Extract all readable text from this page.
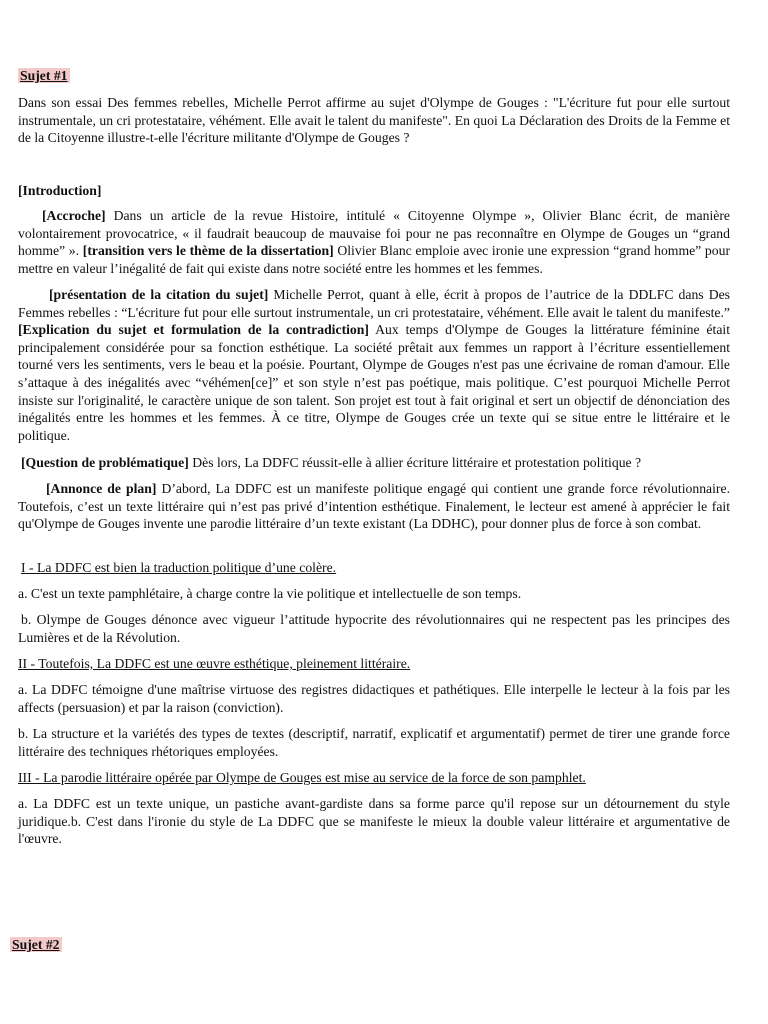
Sujet #1

Dans son essai Des femmes rebelles, Michelle Perrot affirme au sujet d'Olympe de Gouges : "L'écriture fut pour elle surtout instrumentale, un cri protestataire, véhément. Elle avait le talent du manifeste". En quoi La Déclaration des Droits de la Femme et de la Citoyenne illustre-t-elle l'écriture militante d'Olympe de Gouges ?

[Introduction]

[Accroche] Dans un article de la revue Histoire, intitulé « Citoyenne Olympe », Olivier Blanc écrit, de manière volontairement provocatrice, « il faudrait beaucoup de mauvaise foi pour ne pas reconnaître en Olympe de Gouges un “grand homme” ». [transition vers le thème de la dissertation] Olivier Blanc emploie avec ironie une expression “grand homme” pour mettre en valeur l’inégalité de fait qui existe dans notre société entre les hommes et les femmes.

[présentation de la citation du sujet] Michelle Perrot, quant à elle, écrit à propos de l’autrice de la DDLFC dans Des Femmes rebelles : “L'écriture fut pour elle surtout instrumentale, un cri protestataire, véhément. Elle avait le talent du manifeste.” [Explication du sujet et formulation de la contradiction] Aux temps d'Olympe de Gouges la littérature féminine était principalement considérée pour sa fonction esthétique. La société prêtait aux femmes un rapport à l’écriture essentiellement tourné vers les sentiments, vers le beau et la poésie. Pourtant, Olympe de Gouges n'est pas une écrivaine de roman d'amour. Elle s’attaque à des inégalités avec “véhémen[ce]” et son style n’est pas poétique, mais politique. C’est pourquoi Michelle Perrot insiste sur l'originalité, le caractère unique de son talent. Son projet est tout à fait original et sert un objectif de dénonciation des inégalités entre les hommes et les femmes. À ce titre, Olympe de Gouges crée un texte qui se situe entre le littéraire et le politique.

[Question de problématique] Dès lors, La DDFC réussit-elle à allier écriture littéraire et protestation politique ?

[Annonce de plan] D’abord, La DDFC est un manifeste politique engagé qui contient une grande force révolutionnaire. Toutefois, c’est un texte littéraire qui n’est pas privé d’intention esthétique. Finalement, le lecteur est amené à apprécier le fait qu'Olympe de Gouges invente une parodie littéraire d’un texte existant (La DDHC), pour donner plus de force à son combat.

I - La DDFC est bien la traduction politique d’une colère.

a. C'est un texte pamphlétaire, à charge contre la vie politique et intellectuelle de son temps.

b. Olympe de Gouges dénonce avec vigueur l’attitude hypocrite des révolutionnaires qui ne respectent pas les principes des Lumières et de la Révolution.

II - Toutefois, La DDFC est une œuvre esthétique, pleinement littéraire.

a. La DDFC témoigne d'une maîtrise virtuose des registres didactiques et pathétiques. Elle interpelle le lecteur à la fois par les affects (persuasion) et par la raison (conviction).

b. La structure et la variétés des types de textes (descriptif, narratif, explicatif et argumentatif) permet de tirer une grande force littéraire des techniques rhétoriques employées.

III - La parodie littéraire opérée par Olympe de Gouges est mise au service de la force de son pamphlet.

a. La DDFC est un texte unique, un pastiche avant-gardiste dans sa forme parce qu'il repose sur un détournement du style juridique.b. C'est dans l'ironie du style de La DDFC que se manifeste le mieux la double valeur littéraire et argumentative de l'œuvre.

Sujet #2
